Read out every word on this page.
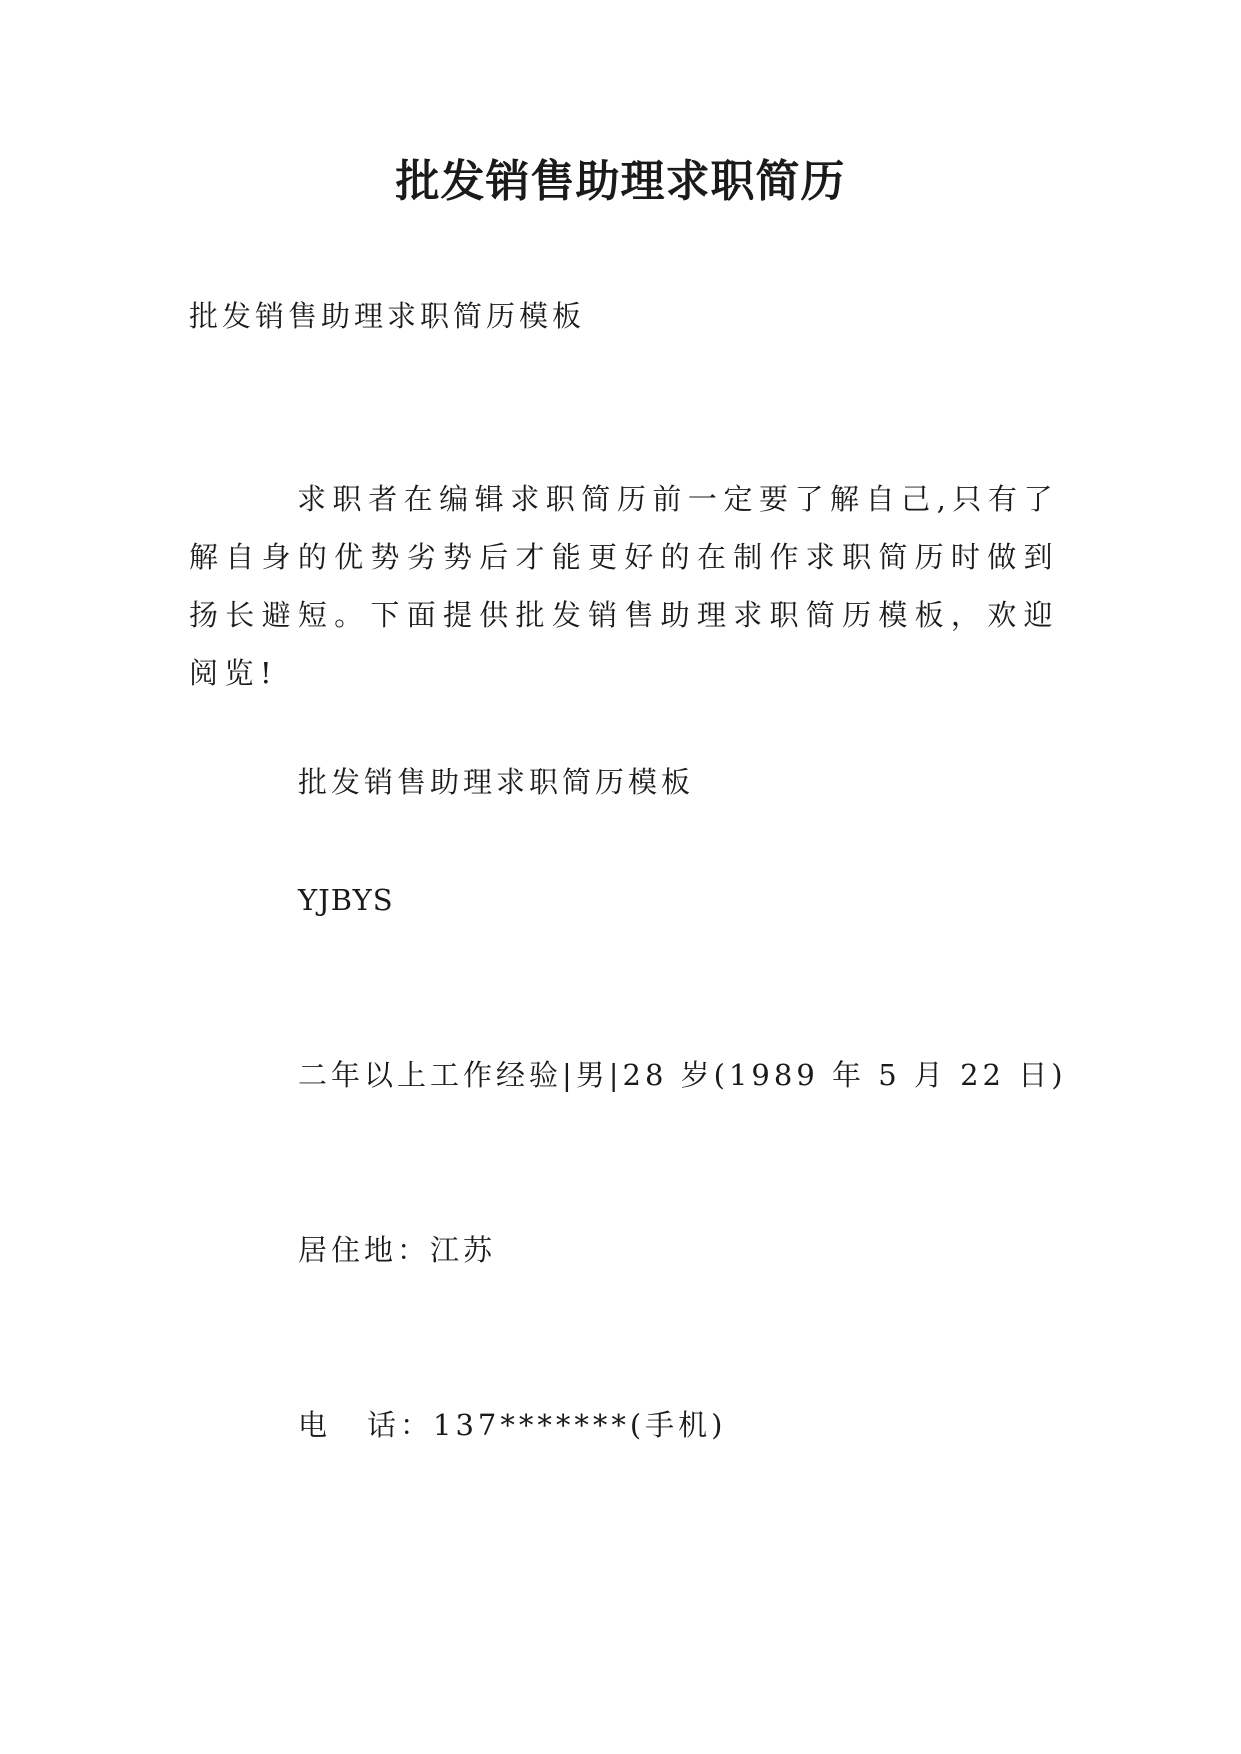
批发销售助理求职简历
批发销售助理求职简历模板
求职者在编辑求职简历前一定要了解自己,只有了解自身的优势劣势后才能更好的在制作求职简历时做到扬长避短。下面提供批发销售助理求职简历模板，欢迎阅览!
批发销售助理求职简历模板
YJBYS
二年以上工作经验|男|28 岁(1989 年 5 月 22 日)
居住地：江苏
电 话：137*******(手机)
